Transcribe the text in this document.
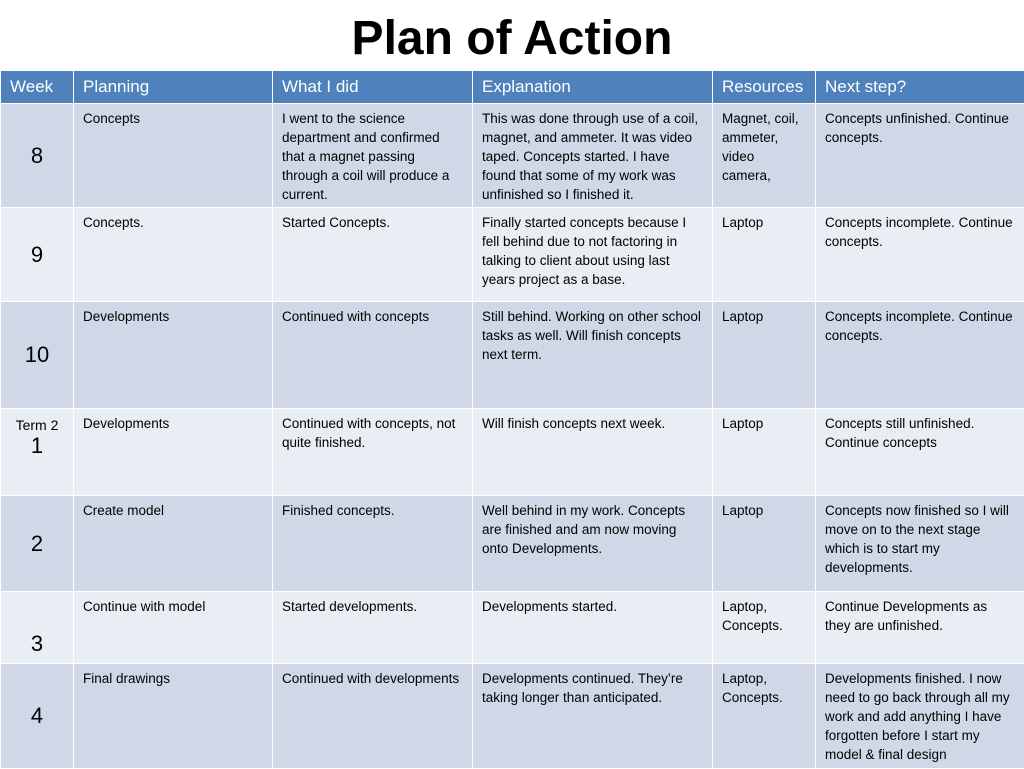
Plan of Action
Week	Planning	What I did	Explanation	Resources	Next step?

8	Concepts	I went to the science department and confirmed that a magnet passing through a coil will produce a current.	This was done through use of a coil, magnet, and ammeter. It was video taped. Concepts started. I have found that some of my work was unfinished so I finished it.	Magnet, coil, ammeter, video camera,	Concepts unfinished. Continue concepts.

9	Concepts.	Started Concepts.	Finally started concepts because I fell behind due to not factoring in talking to client about using last years project as a base.	Laptop	Concepts incomplete. Continue concepts.

10	Developments	Continued with concepts	Still behind. Working on other school tasks as well. Will finish concepts next term.	Laptop	Concepts incomplete. Continue concepts.

Term 2
1	Developments	Continued with concepts, not quite finished.	Will finish concepts next week.	Laptop	Concepts still unfinished. Continue concepts

2	Create model	Finished concepts.	Well behind in my work. Concepts are finished and am now moving onto Developments.	Laptop	Concepts now finished so I will move on to the next stage which is to start my developments.

3	Continue with model	Started developments.	Developments started.	Laptop, Concepts.	Continue Developments as they are unfinished.

4	Final drawings	Continued with developments	Developments continued. They’re taking longer than anticipated.	Laptop, Concepts.	Developments finished. I now need to go back through all my work and add anything I have forgotten before I start my model & final design
